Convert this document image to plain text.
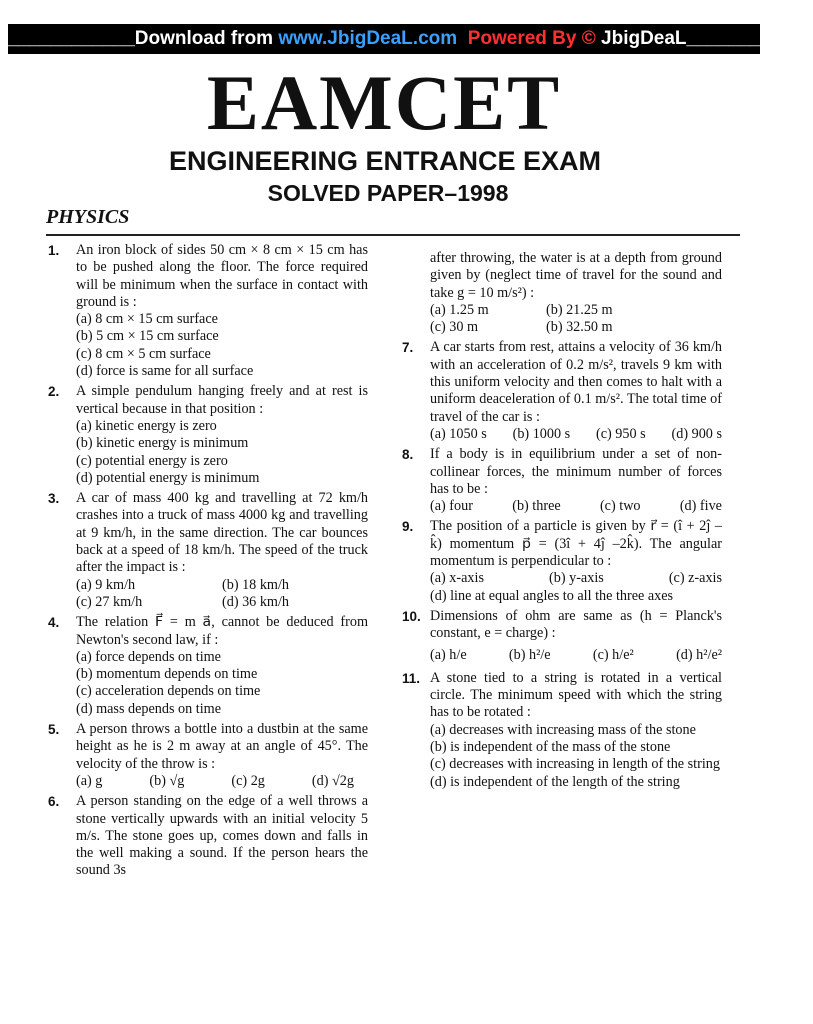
____________Download from www.JbigDeaL.com  Powered By © JbigDeaL____________
EAMCET
ENGINEERING ENTRANCE EXAM
SOLVED PAPER–1998
PHYSICS
1. An iron block of sides 50 cm × 8 cm × 15 cm has to be pushed along the floor. The force required will be minimum when the surface in contact with ground is :
(a) 8 cm × 15 cm surface
(b) 5 cm × 15 cm surface
(c) 8 cm × 5 cm surface
(d) force is same for all surface
2. A simple pendulum hanging freely and at rest is vertical because in that position :
(a) kinetic energy is zero
(b) kinetic energy is minimum
(c) potential energy is zero
(d) potential energy is minimum
3. A car of mass 400 kg and travelling at 72 km/h crashes into a truck of mass 4000 kg and travelling at 9 km/h, in the same direction. The car bounces back at a speed of 18 km/h. The speed of the truck after the impact is :
(a) 9 km/h	(b) 18 km/h
(c) 27 km/h	(d) 36 km/h
4. The relation F⃗ = m a⃗, cannot be deduced from Newton's second law, if :
(a) force depends on time
(b) momentum depends on time
(c) acceleration depends on time
(d) mass depends on time
5. A person throws a bottle into a dustbin at the same height as he is 2 m away at an angle of 45°. The velocity of the throw is :
(a) g	(b) √g	(c) 2g	(d) √2g
6. A person standing on the edge of a well throws a stone vertically upwards with an initial velocity 5 m/s. The stone goes up, comes down and falls in the well making a sound. If the person hears the sound 3s
after throwing, the water is at a depth from ground given by (neglect time of travel for the sound and take g = 10 m/s²) :
(a) 1.25 m	(b) 21.25 m
(c) 30 m	(b) 32.50 m
7. A car starts from rest, attains a velocity of 36 km/h with an acceleration of 0.2 m/s², travels 9 km with this uniform velocity and then comes to halt with a uniform deaceleration of 0.1 m/s². The total time of travel of the car is :
(a) 1050 s (b) 1000 s (c) 950 s (d) 900 s
8. If a body is in equilibrium under a set of non-collinear forces, the minimum number of forces has to be :
(a) four	(b) three	(c) two	(d) five
9. The position of a particle is given by r⃗ = (î + 2ĵ – k̂) momentum p⃗ = (3î + 4ĵ –2k̂). The angular momentum is perpendicular to :
(a) x-axis	(b) y-axis	(c) z-axis
(d) line at equal angles to all the three axes
10. Dimensions of ohm are same as (h = Planck's constant, e = charge) :
(a) h/e	(b) h²/e	(c) h/e²	(d) h²/e²
11. A stone tied to a string is rotated in a vertical circle. The minimum speed with which the string has to be rotated :
(a) decreases with increasing mass of the stone
(b) is independent of the mass of the stone
(c) decreases with increasing in length of the string
(d) is independent of the length of the string
